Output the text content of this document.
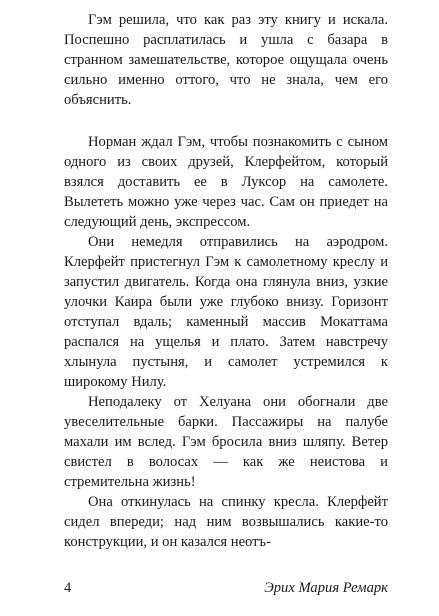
Гэм решила, что как раз эту книгу и искала. Поспешно расплатилась и ушла с базара в странном замешательстве, которое ощущала очень сильно именно оттого, что не знала, чем его объяснить.

Норман ждал Гэм, чтобы познакомить с сыном одного из своих друзей, Клерфейтом, который взялся доставить ее в Луксор на самолете. Вылететь можно уже через час. Сам он приедет на следующий день, экспрессом.

Они немедля отправились на аэродром. Клерфейт пристегнул Гэм к самолетному креслу и запустил двигатель. Когда она глянула вниз, узкие улочки Каира были уже глубоко внизу. Горизонт отступал вдаль; каменный массив Мокаттама распался на ущелья и плато. Затем навстречу хлынула пустыня, и самолет устремился к широкому Нилу.

Неподалеку от Хелуана они обогнали две увеселительные барки. Пассажиры на палубе махали им вслед. Гэм бросила вниз шляпу. Ветер свистел в волосах — как же неистова и стремительна жизнь!

Она откинулась на спинку кресла. Клерфейт сидел впереди; над ним возвышались какие-то конструкции, и он казался неотъ-

4	Эрих Мария Ремарк
